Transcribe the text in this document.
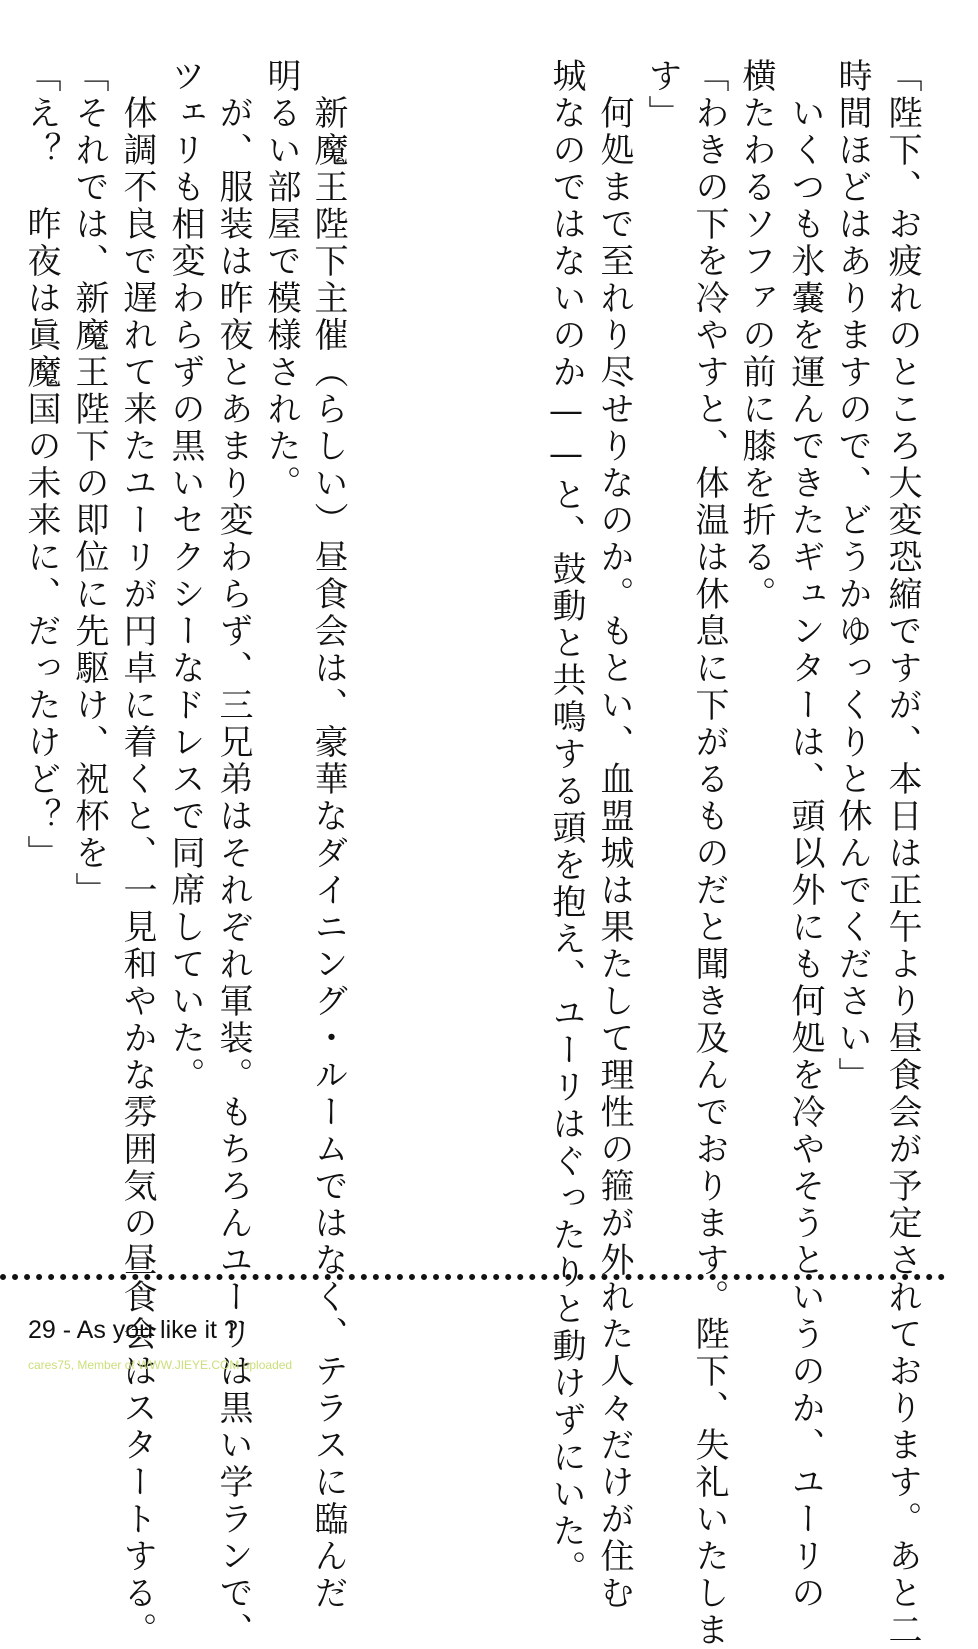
「陛下、お疲れのところ大変恐縮ですが、本日は正午より昼食会が予定されております。あと二
時間ほどはありますので、どうかゆっくりと休んでください」
　いくつも氷嚢を運んできたギュンターは、頭以外にも何処を冷やそうというのか、ユーリの
横たわるソファの前に膝を折る。
「わきの下を冷やすと、体温は休息に下がるものだと聞き及んでおります。陛下、失礼いたしま
す」
　何処まで至れり尽せりなのか。もとい、血盟城は果たして理性の箍が外れた人々だけが住む
城なのではないのか——と、鼓動と共鳴する頭を抱え、ユーリはぐったりと動けずにいた。
　新魔王陛下主催（らしい）昼食会は、豪華なダイニング・ルームではなく、テラスに臨んだ
明るい部屋で模様された。
　が、服装は昨夜とあまり変わらず、三兄弟はそれぞれ軍装。もちろんユーリは黒い学ランで、
ツェリも相変わらずの黒いセクシーなドレスで同席していた。
　体調不良で遅れて来たユーリが円卓に着くと、一見和やかな雰囲気の昼食会はスタートする。
「それでは、新魔王陛下の即位に先駆け、祝杯を」
「え？　昨夜は眞魔国の未来に、だったけど？」
29 - As you like it ?
cares75, Member of WWW.JIEYE.COM uploaded
